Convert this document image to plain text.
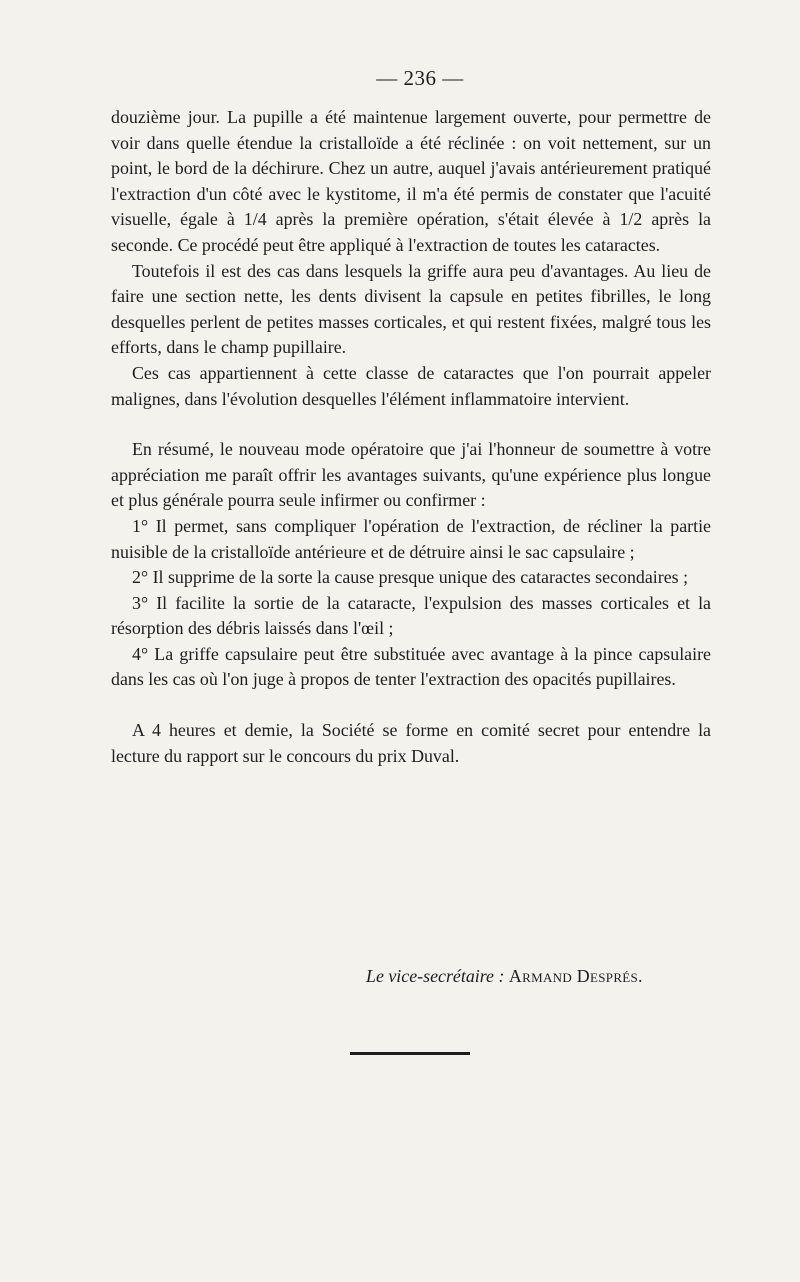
— 236 —

douzième jour. La pupille a été maintenue largement ouverte, pour permettre de voir dans quelle étendue la cristalloïde a été réclinée : on voit nettement, sur un point, le bord de la déchirure. Chez un autre, auquel j'avais antérieurement pratiqué l'extraction d'un côté avec le kystitome, il m'a été permis de constater que l'acuité visuelle, égale à 1/4 après la première opération, s'était élevée à 1/2 après la seconde. Ce procédé peut être appliqué à l'extraction de toutes les cataractes.

Toutefois il est des cas dans lesquels la griffe aura peu d'avantages. Au lieu de faire une section nette, les dents divisent la capsule en petites fibrilles, le long desquelles perlent de petites masses corticales, et qui restent fixées, malgré tous les efforts, dans le champ pupillaire.

Ces cas appartiennent à cette classe de cataractes que l'on pourrait appeler malignes, dans l'évolution desquelles l'élément inflammatoire intervient.

En résumé, le nouveau mode opératoire que j'ai l'honneur de soumettre à votre appréciation me paraît offrir les avantages suivants, qu'une expérience plus longue et plus générale pourra seule infirmer ou confirmer :

1° Il permet, sans compliquer l'opération de l'extraction, de récliner la partie nuisible de la cristalloïde antérieure et de détruire ainsi le sac capsulaire ;

2° Il supprime de la sorte la cause presque unique des cataractes secondaires ;

3° Il facilite la sortie de la cataracte, l'expulsion des masses corticales et la résorption des débris laissés dans l'œil ;

4° La griffe capsulaire peut être substituée avec avantage à la pince capsulaire dans les cas où l'on juge à propos de tenter l'extraction des opacités pupillaires.

A 4 heures et demie, la Société se forme en comité secret pour entendre la lecture du rapport sur le concours du prix Duval.

Le vice-secrétaire : Armand Després.
